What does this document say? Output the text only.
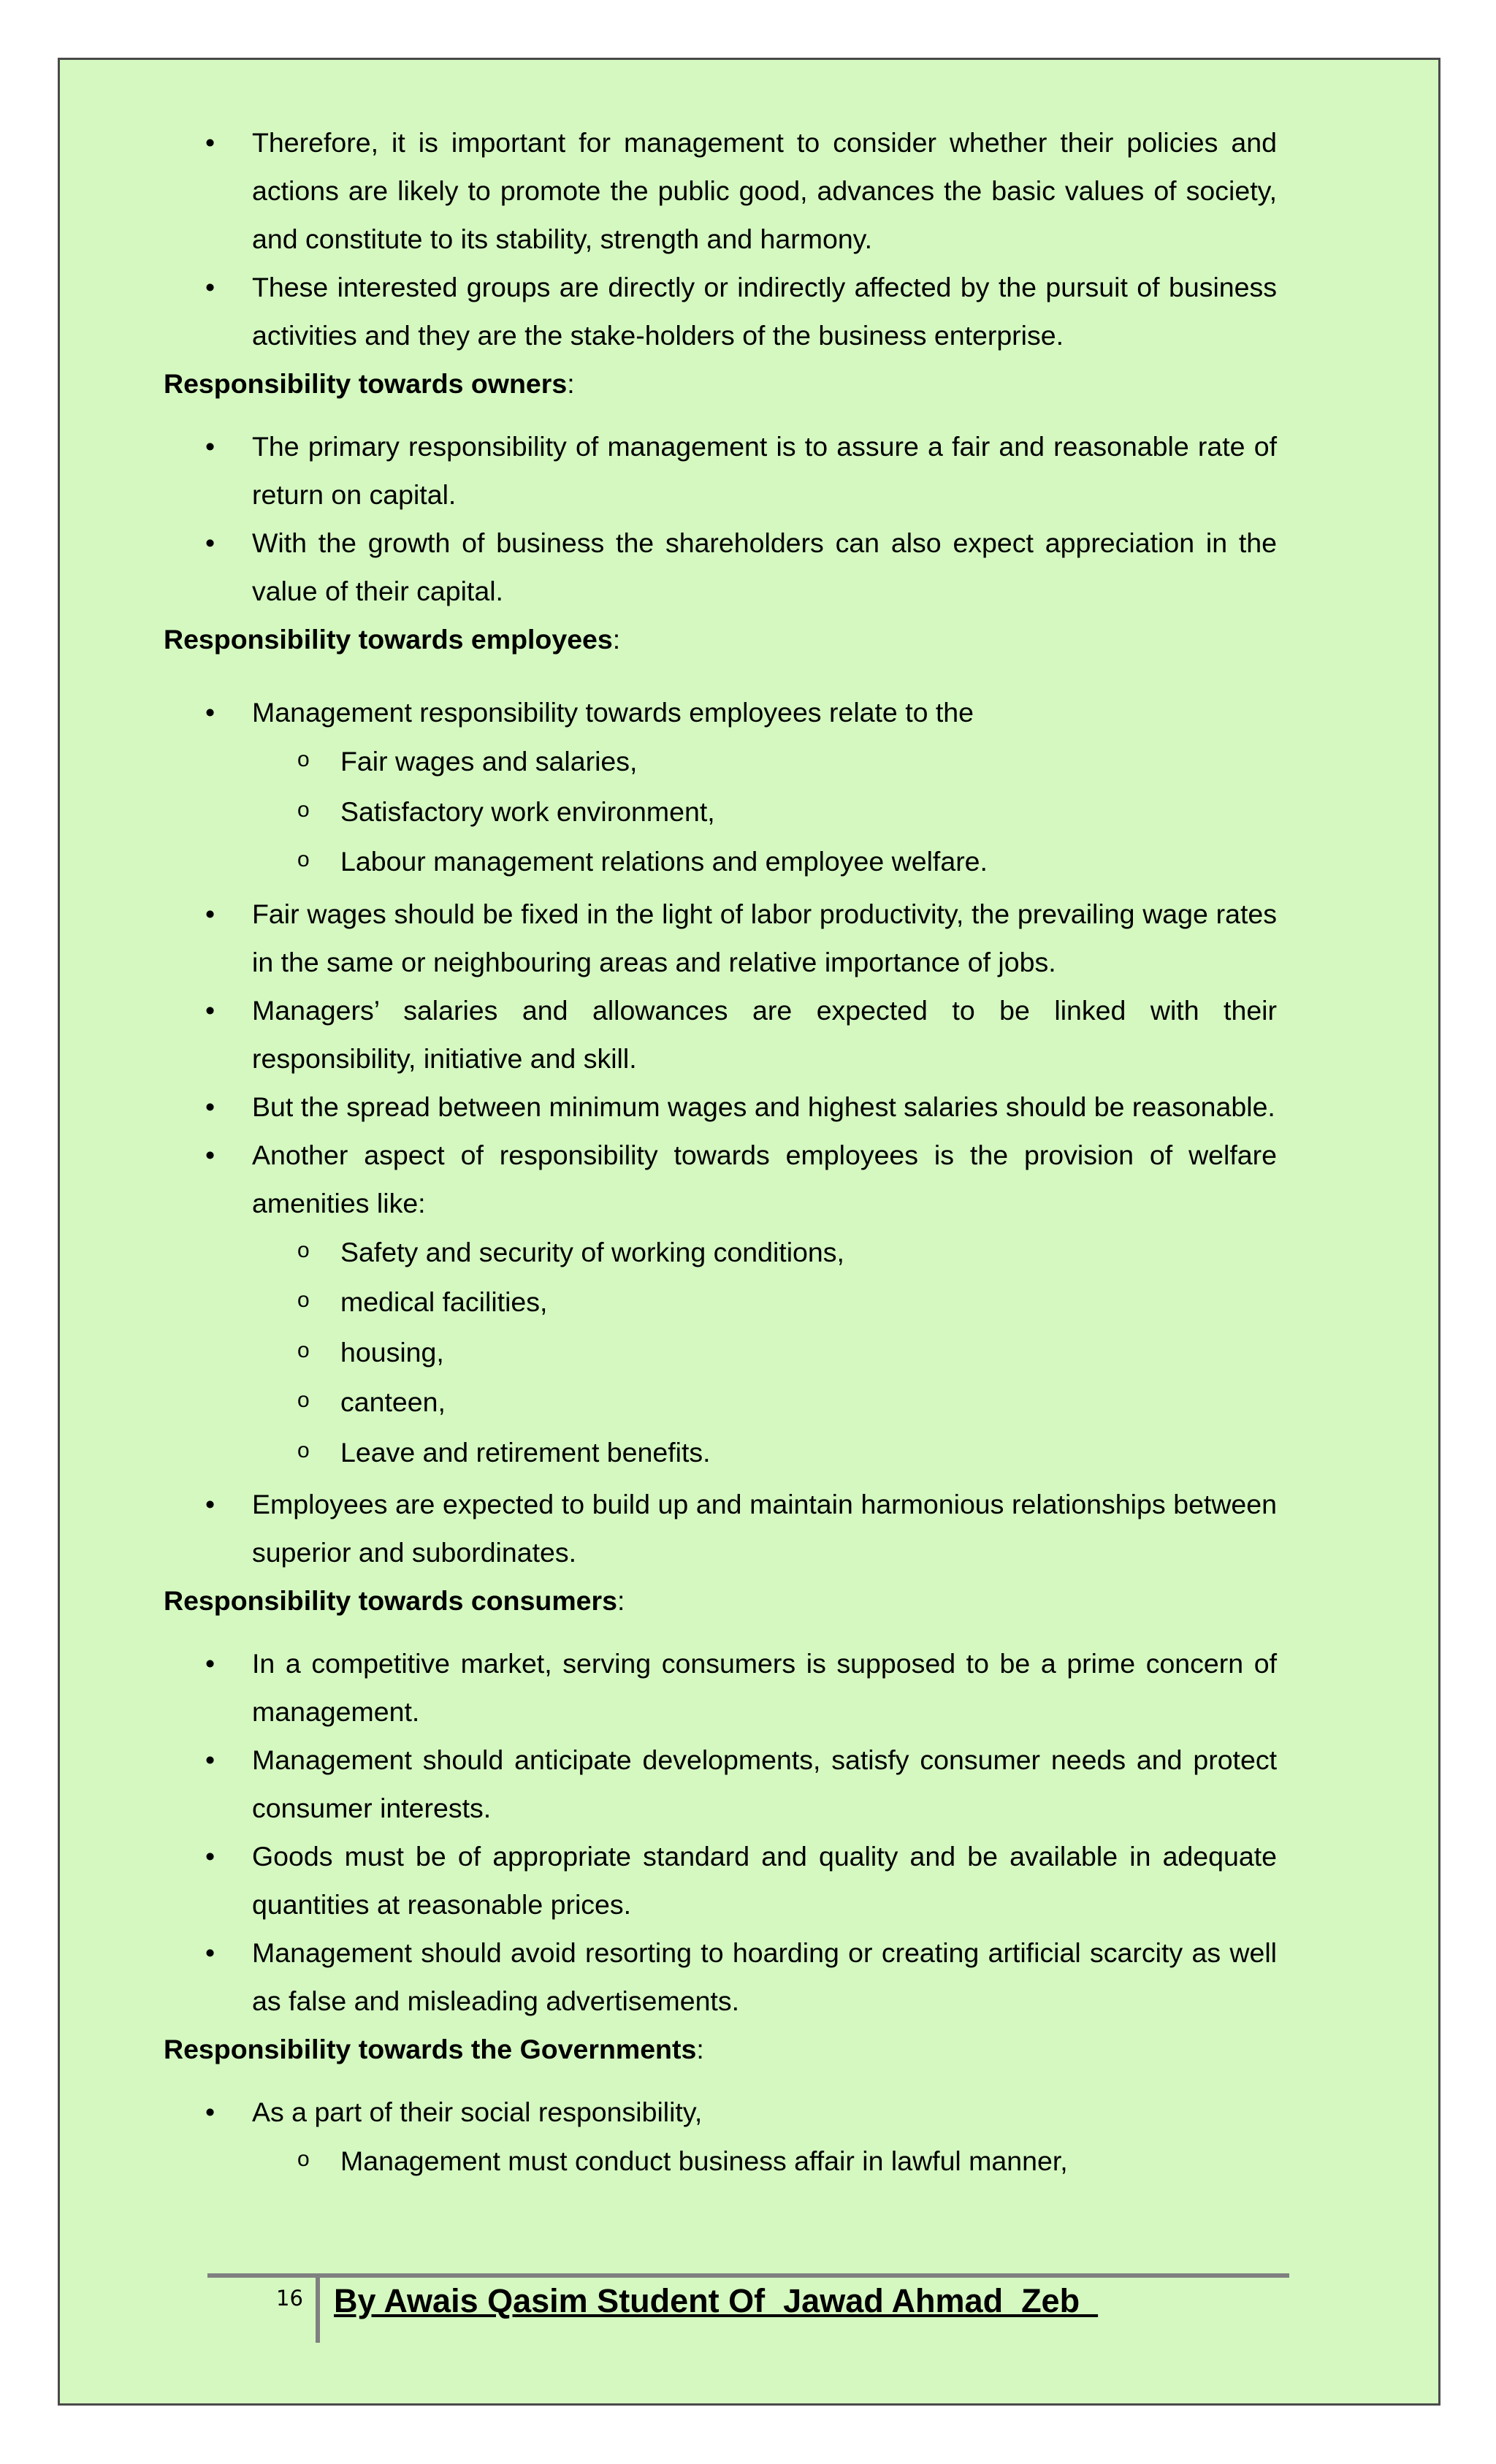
• Therefore, it is important for management to consider whether their policies and actions are likely to promote the public good, advances the basic values of society, and constitute to its stability, strength and harmony.
• These interested groups are directly or indirectly affected by the pursuit of business activities and they are the stake-holders of the business enterprise.
Responsibility towards owners:
• The primary responsibility of management is to assure a fair and reasonable rate of return on capital.
• With the growth of business the shareholders can also expect appreciation in the value of their capital.
Responsibility towards employees:
• Management responsibility towards employees relate to the
o Fair wages and salaries,
o Satisfactory work environment,
o Labour management relations and employee welfare.
• Fair wages should be fixed in the light of labor productivity, the prevailing wage rates in the same or neighbouring areas and relative importance of jobs.
• Managers’ salaries and allowances are expected to be linked with their responsibility, initiative and skill.
• But the spread between minimum wages and highest salaries should be reasonable.
• Another aspect of responsibility towards employees is the provision of welfare amenities like:
o Safety and security of working conditions,
o medical facilities,
o housing,
o canteen,
o Leave and retirement benefits.
• Employees are expected to build up and maintain harmonious relationships between superior and subordinates.
Responsibility towards consumers:
• In a competitive market, serving consumers is supposed to be a prime concern of management.
• Management should anticipate developments, satisfy consumer needs and protect consumer interests.
• Goods must be of appropriate standard and quality and be available in adequate quantities at reasonable prices.
• Management should avoid resorting to hoarding or creating artificial scarcity as well as false and misleading advertisements.
Responsibility towards the Governments:
• As a part of their social responsibility,
o Management must conduct business affair in lawful manner,
16 By Awais Qasim Student Of  Jawad Ahmad  Zeb
